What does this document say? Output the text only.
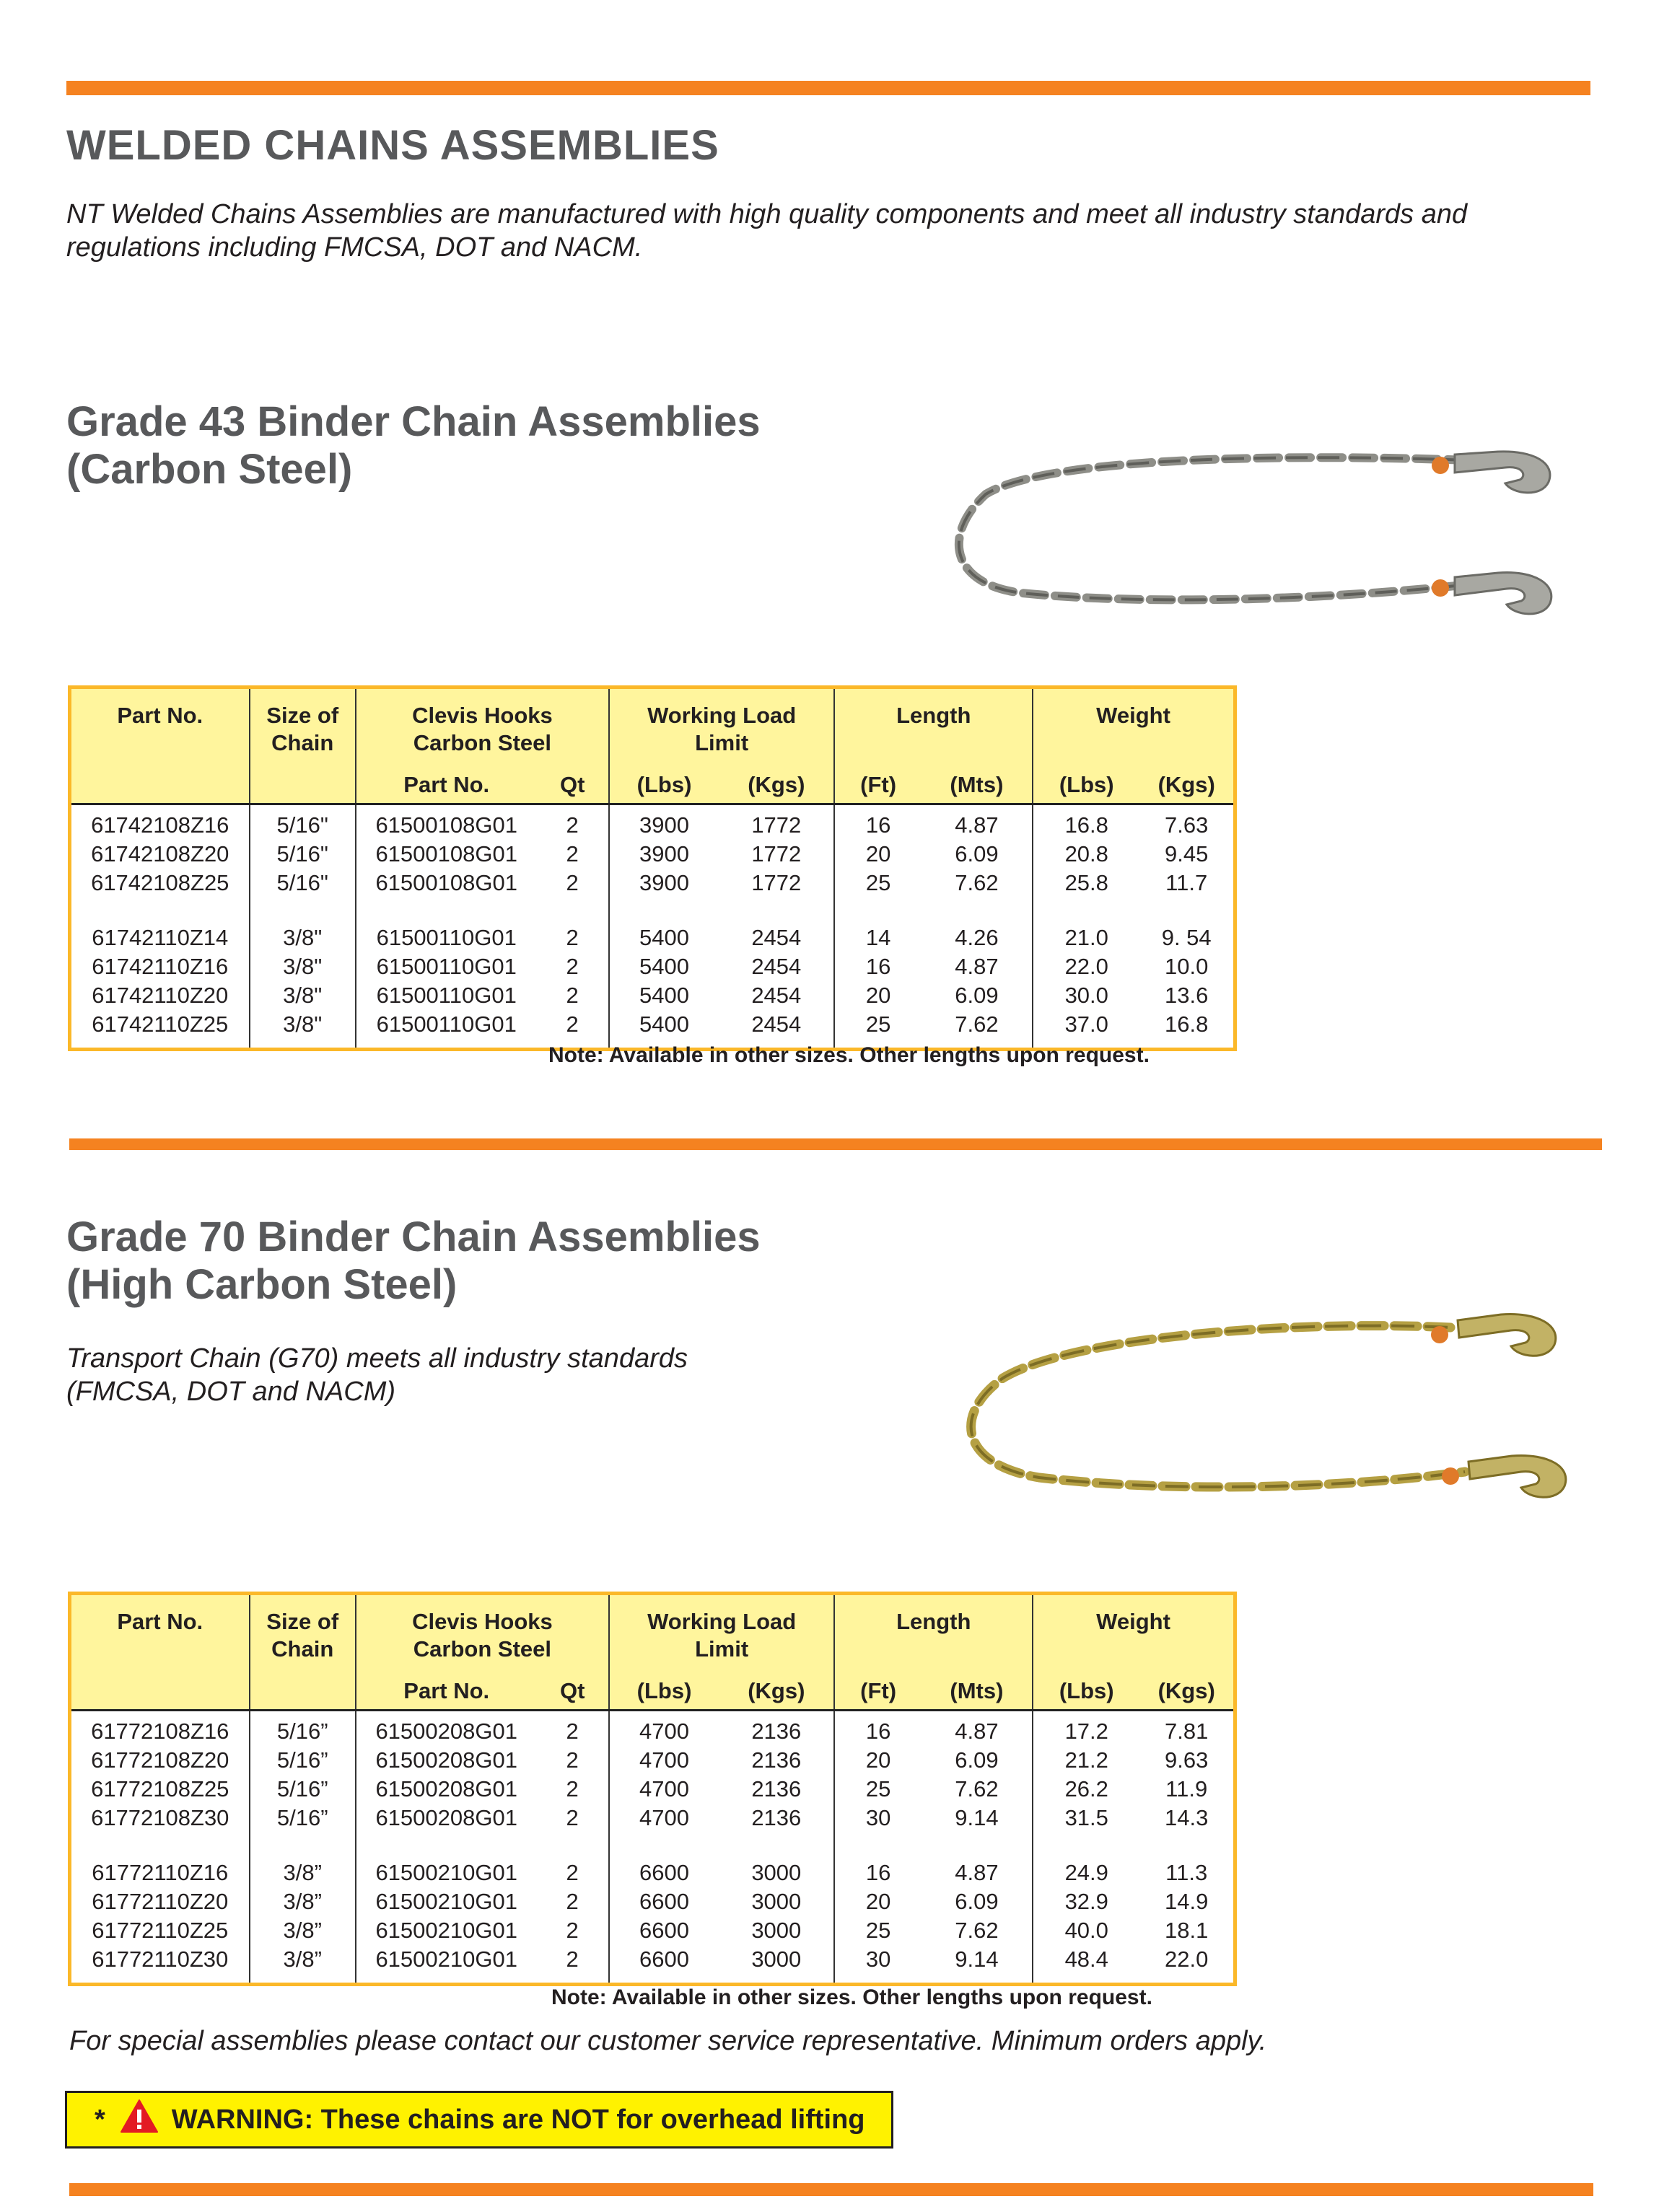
WELDED CHAINS ASSEMBLIES
NT Welded Chains Assemblies are manufactured with high quality components and meet all industry standards and
regulations including FMCSA, DOT and NACM.
Grade 43 Binder Chain Assemblies
(Carbon Steel)
Part No.	Size of
Chain	Clevis Hooks
Carbon Steel		Working Load
Limit		Length		Weight	
		Part No.	Qt	(Lbs)	(Kgs)	(Ft)	(Mts)	(Lbs)	(Kgs)
61742108Z16	5/16"	61500108G01	2	3900	1772	16	4.87	16.8	7.63
61742108Z20	5/16"	61500108G01	2	3900	1772	20	6.09	20.8	9.45
61742108Z25	5/16"	61500108G01	2	3900	1772	25	7.62	25.8	11.7

61742110Z14	3/8"	61500110G01	2	5400	2454	14	4.26	21.0	9. 54
61742110Z16	3/8"	61500110G01	2	5400	2454	16	4.87	22.0	10.0
61742110Z20	3/8"	61500110G01	2	5400	2454	20	6.09	30.0	13.6
61742110Z25	3/8"	61500110G01	2	5400	2454	25	7.62	37.0	16.8
Note: Available in other sizes. Other lengths upon request.
Grade 70 Binder Chain Assemblies
(High Carbon Steel)
Transport Chain (G70) meets all industry standards
(FMCSA, DOT and NACM)
Part No.	Size of
Chain	Clevis Hooks
Carbon Steel		Working Load
Limit		Length		Weight	
		Part No.	Qt	(Lbs)	(Kgs)	(Ft)	(Mts)	(Lbs)	(Kgs)
61772108Z16	5/16”	61500208G01	2	4700	2136	16	4.87	17.2	7.81
61772108Z20	5/16”	61500208G01	2	4700	2136	20	6.09	21.2	9.63
61772108Z25	5/16”	61500208G01	2	4700	2136	25	7.62	26.2	11.9
61772108Z30	5/16”	61500208G01	2	4700	2136	30	9.14	31.5	14.3

61772110Z16	3/8”	61500210G01	2	6600	3000	16	4.87	24.9	11.3
61772110Z20	3/8”	61500210G01	2	6600	3000	20	6.09	32.9	14.9
61772110Z25	3/8”	61500210G01	2	6600	3000	25	7.62	40.0	18.1
61772110Z30	3/8”	61500210G01	2	6600	3000	30	9.14	48.4	22.0
Note: Available in other sizes. Other lengths upon request.
For special assemblies please contact our customer service representative. Minimum orders apply.
* WARNING: These chains are NOT for overhead lifting
